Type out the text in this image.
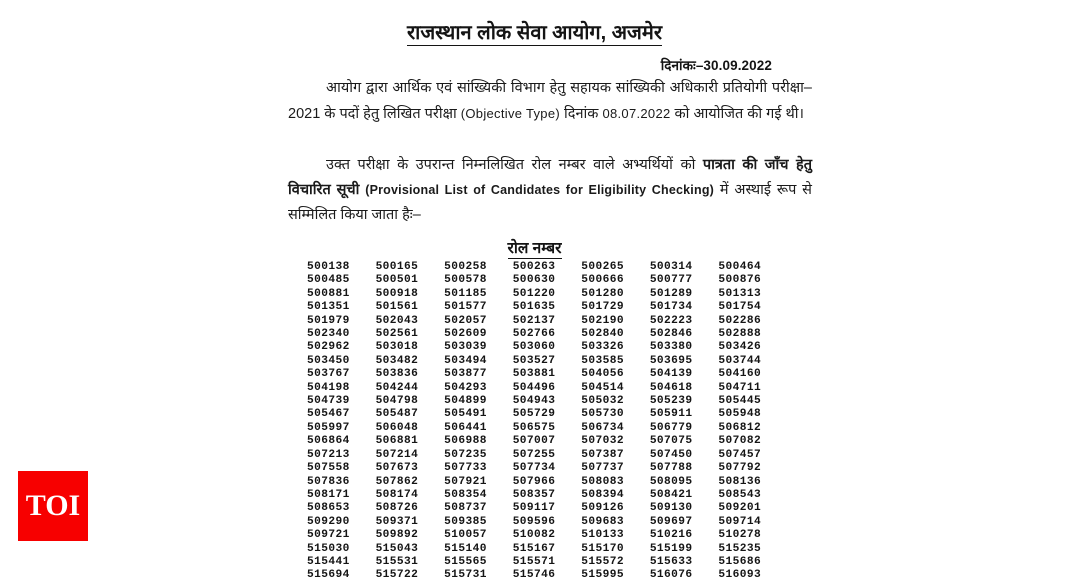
राजस्थान लोक सेवा आयोग, अजमेर
दिनांकः–30.09.2022
आयोग द्वारा आर्थिक एवं सांख्यिकी विभाग हेतु सहायक सांख्यिकी अधिकारी प्रतियोगी परीक्षा–2021 के पदों हेतु लिखित परीक्षा (Objective Type) दिनांक 08.07.2022 को आयोजित की गई थी।
उक्त परीक्षा के उपरान्त निम्नलिखित रोल नम्बर वाले अभ्यर्थियों को पात्रता की जाँच हेतु विचारित सूची (Provisional List of Candidates for Eligibility Checking) में अस्थाई रूप से सम्मिलित किया जाता हैः–
रोल नम्बर
500138	500165	500258	500263	500265	500314	500464
500485	500501	500578	500630	500666	500777	500876
500881	500918	501185	501220	501280	501289	501313
501351	501561	501577	501635	501729	501734	501754
501979	502043	502057	502137	502190	502223	502286
502340	502561	502609	502766	502840	502846	502888
502962	503018	503039	503060	503326	503380	503426
503450	503482	503494	503527	503585	503695	503744
503767	503836	503877	503881	504056	504139	504160
504198	504244	504293	504496	504514	504618	504711
504739	504798	504899	504943	505032	505239	505445
505467	505487	505491	505729	505730	505911	505948
505997	506048	506441	506575	506734	506779	506812
506864	506881	506988	507007	507032	507075	507082
507213	507214	507235	507255	507387	507450	507457
507558	507673	507733	507734	507737	507788	507792
507836	507862	507921	507966	508083	508095	508136
508171	508174	508354	508357	508394	508421	508543
508653	508726	508737	509117	509126	509130	509201
509290	509371	509385	509596	509683	509697	509714
509721	509892	510057	510082	510133	510216	510278
515030	515043	515140	515167	515170	515199	515235
515441	515531	515565	515571	515572	515633	515686
515694	515722	515731	515746	515995	516076	516093
TOI
